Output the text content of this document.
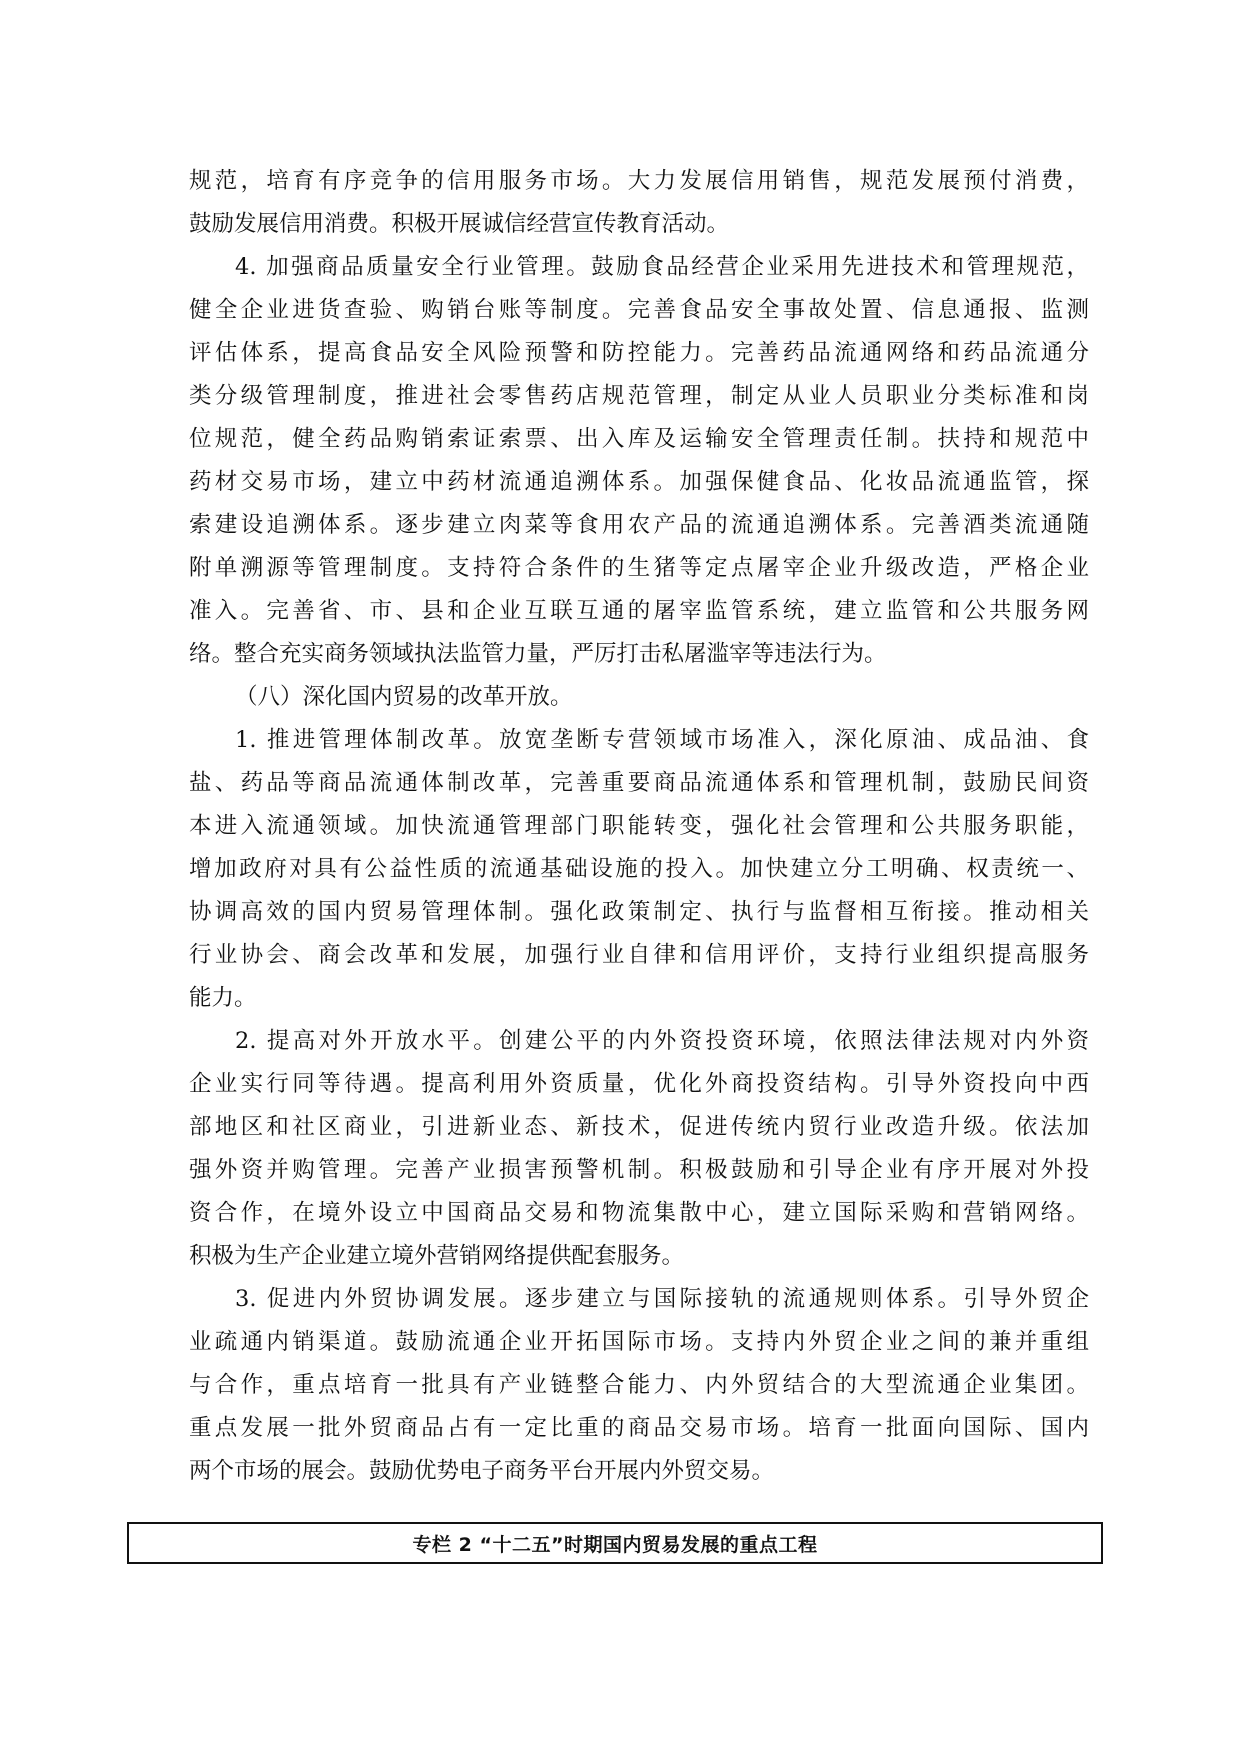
规范，培育有序竞争的信用服务市场。大力发展信用销售，规范发展预付消费，
鼓励发展信用消费。积极开展诚信经营宣传教育活动。
4. 加强商品质量安全行业管理。鼓励食品经营企业采用先进技术和管理规范，
健全企业进货查验、购销台账等制度。完善食品安全事故处置、信息通报、监测
评估体系，提高食品安全风险预警和防控能力。完善药品流通网络和药品流通分
类分级管理制度，推进社会零售药店规范管理，制定从业人员职业分类标准和岗
位规范，健全药品购销索证索票、出入库及运输安全管理责任制。扶持和规范中
药材交易市场，建立中药材流通追溯体系。加强保健食品、化妆品流通监管，探
索建设追溯体系。逐步建立肉菜等食用农产品的流通追溯体系。完善酒类流通随
附单溯源等管理制度。支持符合条件的生猪等定点屠宰企业升级改造，严格企业
准入。完善省、市、县和企业互联互通的屠宰监管系统，建立监管和公共服务网
络。整合充实商务领域执法监管力量，严厉打击私屠滥宰等违法行为。
（八）深化国内贸易的改革开放。
1. 推进管理体制改革。放宽垄断专营领域市场准入，深化原油、成品油、食
盐、药品等商品流通体制改革，完善重要商品流通体系和管理机制，鼓励民间资
本进入流通领域。加快流通管理部门职能转变，强化社会管理和公共服务职能，
增加政府对具有公益性质的流通基础设施的投入。加快建立分工明确、权责统一、
协调高效的国内贸易管理体制。强化政策制定、执行与监督相互衔接。推动相关
行业协会、商会改革和发展，加强行业自律和信用评价，支持行业组织提高服务
能力。
2. 提高对外开放水平。创建公平的内外资投资环境，依照法律法规对内外资
企业实行同等待遇。提高利用外资质量，优化外商投资结构。引导外资投向中西
部地区和社区商业，引进新业态、新技术，促进传统内贸行业改造升级。依法加
强外资并购管理。完善产业损害预警机制。积极鼓励和引导企业有序开展对外投
资合作，在境外设立中国商品交易和物流集散中心，建立国际采购和营销网络。
积极为生产企业建立境外营销网络提供配套服务。
3. 促进内外贸协调发展。逐步建立与国际接轨的流通规则体系。引导外贸企
业疏通内销渠道。鼓励流通企业开拓国际市场。支持内外贸企业之间的兼并重组
与合作，重点培育一批具有产业链整合能力、内外贸结合的大型流通企业集团。
重点发展一批外贸商品占有一定比重的商品交易市场。培育一批面向国际、国内
两个市场的展会。鼓励优势电子商务平台开展内外贸交易。
专栏 2 “十二五”时期国内贸易发展的重点工程
